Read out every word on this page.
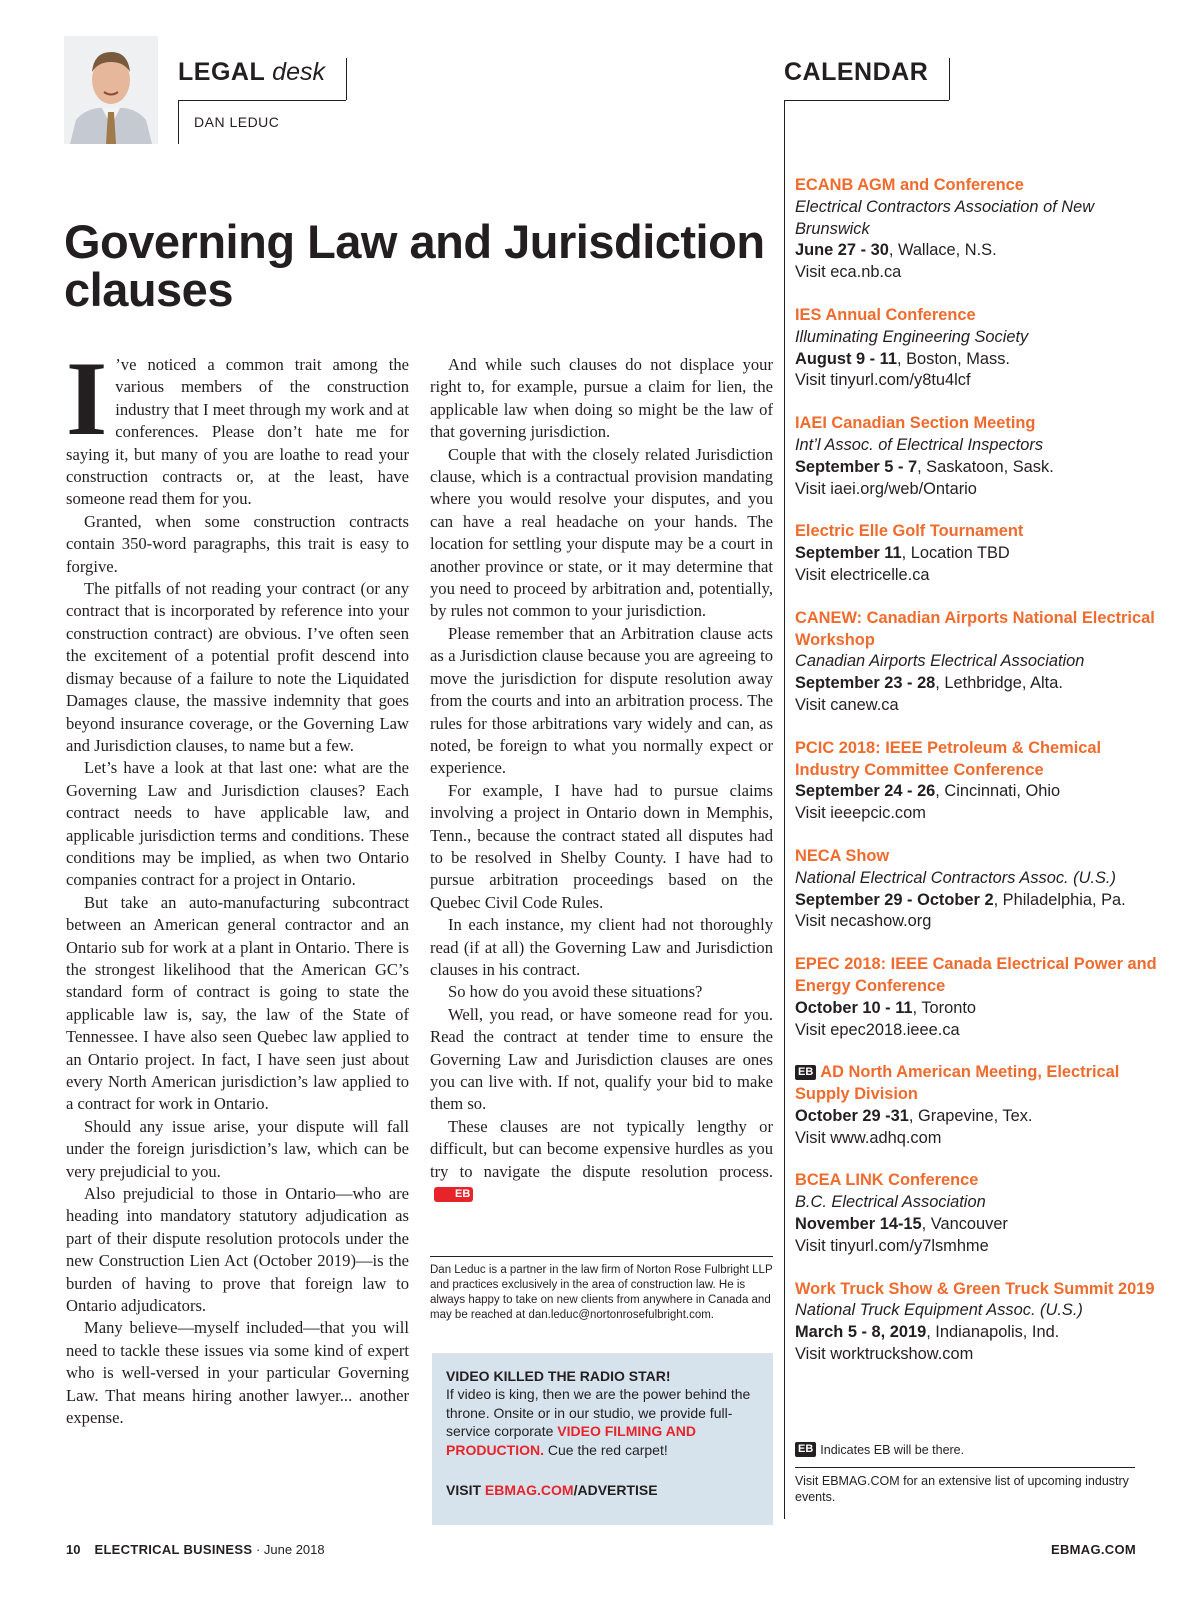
LEGAL desk
DAN LEDUC
CALENDAR
Governing Law and Jurisdiction clauses

I ’ve noticed a common trait among the various members of the construction industry that I meet through my work and at conferences. Please don’t hate me for saying it, but many of you are loathe to read your construction contracts or, at the least, have someone read them for you.

Granted, when some construction contracts contain 350-word paragraphs, this trait is easy to forgive.

The pitfalls of not reading your contract (or any contract that is incorporated by reference into your construction contract) are obvious. I’ve often seen the excitement of a potential profit descend into dismay because of a failure to note the Liquidated Damages clause, the massive indemnity that goes beyond insurance coverage, or the Governing Law and Jurisdiction clauses, to name but a few.

Let’s have a look at that last one: what are the Governing Law and Jurisdiction clauses? Each contract needs to have applicable law, and applicable jurisdiction terms and conditions. These conditions may be implied, as when two Ontario companies contract for a project in Ontario.

But take an auto-manufacturing subcontract between an American general contractor and an Ontario sub for work at a plant in Ontario. There is the strongest likelihood that the American GC’s standard form of contract is going to state the applicable law is, say, the law of the State of Tennessee. I have also seen Quebec law applied to an Ontario project. In fact, I have seen just about every North American jurisdiction’s law applied to a contract for work in Ontario.

Should any issue arise, your dispute will fall under the foreign jurisdiction’s law, which can be very prejudicial to you.

Also prejudicial to those in Ontario—who are heading into mandatory statutory adjudication as part of their dispute resolution protocols under the new Construction Lien Act (October 2019)—is the burden of having to prove that foreign law to Ontario adjudicators.

Many believe—myself included—that you will need to tackle these issues via some kind of expert who is well-versed in your particular Governing Law. That means hiring another lawyer... another expense.

And while such clauses do not displace your right to, for example, pursue a claim for lien, the applicable law when doing so might be the law of that governing jurisdiction.

Couple that with the closely related Jurisdiction clause, which is a contractual provision mandating where you would resolve your disputes, and you can have a real headache on your hands. The location for settling your dispute may be a court in another province or state, or it may determine that you need to proceed by arbitration and, potentially, by rules not common to your jurisdiction.

Please remember that an Arbitration clause acts as a Jurisdiction clause because you are agreeing to move the jurisdiction for dispute resolution away from the courts and into an arbitration process. The rules for those arbitrations vary widely and can, as noted, be foreign to what you normally expect or experience.

For example, I have had to pursue claims involving a project in Ontario down in Memphis, Tenn., because the contract stated all disputes had to be resolved in Shelby County. I have had to pursue arbitration proceedings based on the Quebec Civil Code Rules.

In each instance, my client had not thoroughly read (if at all) the Governing Law and Jurisdiction clauses in his contract.

So how do you avoid these situations?

Well, you read, or have someone read for you. Read the contract at tender time to ensure the Governing Law and Jurisdiction clauses are ones you can live with. If not, qualify your bid to make them so.

These clauses are not typically lengthy or difficult, but can become expensive hurdles as you try to navigate the dispute resolution process.EB

Dan Leduc is a partner in the law firm of Norton Rose Fulbright LLP and practices exclusively in the area of construction law. He is always happy to take on new clients from anywhere in Canada and may be reached at dan.leduc@nortonrosefulbright.com.
VIDEO KILLED THE RADIO STAR!
If video is king, then we are the power behind the throne. Onsite or in our studio, we provide full-service corporate VIDEO FILMING AND PRODUCTION. Cue the red carpet!
VISIT EBMAG.COM/ADVERTISE
ECANB AGM and Conference
Electrical Contractors Association of New Brunswick
June 27 - 30, Wallace, N.S.
Visit eca.nb.ca
IES Annual Conference
Illuminating Engineering Society
August 9 - 11, Boston, Mass.
Visit tinyurl.com/y8tu4lcf
IAEI Canadian Section Meeting
Int’l Assoc. of Electrical Inspectors
September 5 - 7, Saskatoon, Sask.
Visit iaei.org/web/Ontario
Electric Elle Golf Tournament
September 11, Location TBD
Visit electricelle.ca
CANEW: Canadian Airports National Electrical Workshop
Canadian Airports Electrical Association
September 23 - 28, Lethbridge, Alta.
Visit canew.ca
PCIC 2018: IEEE Petroleum & Chemical Industry Committee Conference
September 24 - 26, Cincinnati, Ohio
Visit ieeepcic.com
NECA Show
National Electrical Contractors Assoc. (U.S.)
September 29 - October 2, Philadelphia, Pa.
Visit necashow.org
EPEC 2018: IEEE Canada Electrical Power and Energy Conference
October 10 - 11, Toronto
Visit epec2018.ieee.ca
EB AD North American Meeting, Electrical Supply Division
October 29 -31, Grapevine, Tex.
Visit www.adhq.com
BCEA LINK Conference
B.C. Electrical Association
November 14-15, Vancouver
Visit tinyurl.com/y7lsmhme
Work Truck Show & Green Truck Summit 2019
National Truck Equipment Assoc. (U.S.)
March 5 - 8, 2019, Indianapolis, Ind.
Visit worktruckshow.com
EB Indicates EB will be there.
Visit EBMAG.COM for an extensive list of upcoming industry events.
10 ELECTRICAL BUSINESS · June 2018	EBMAG.COM
